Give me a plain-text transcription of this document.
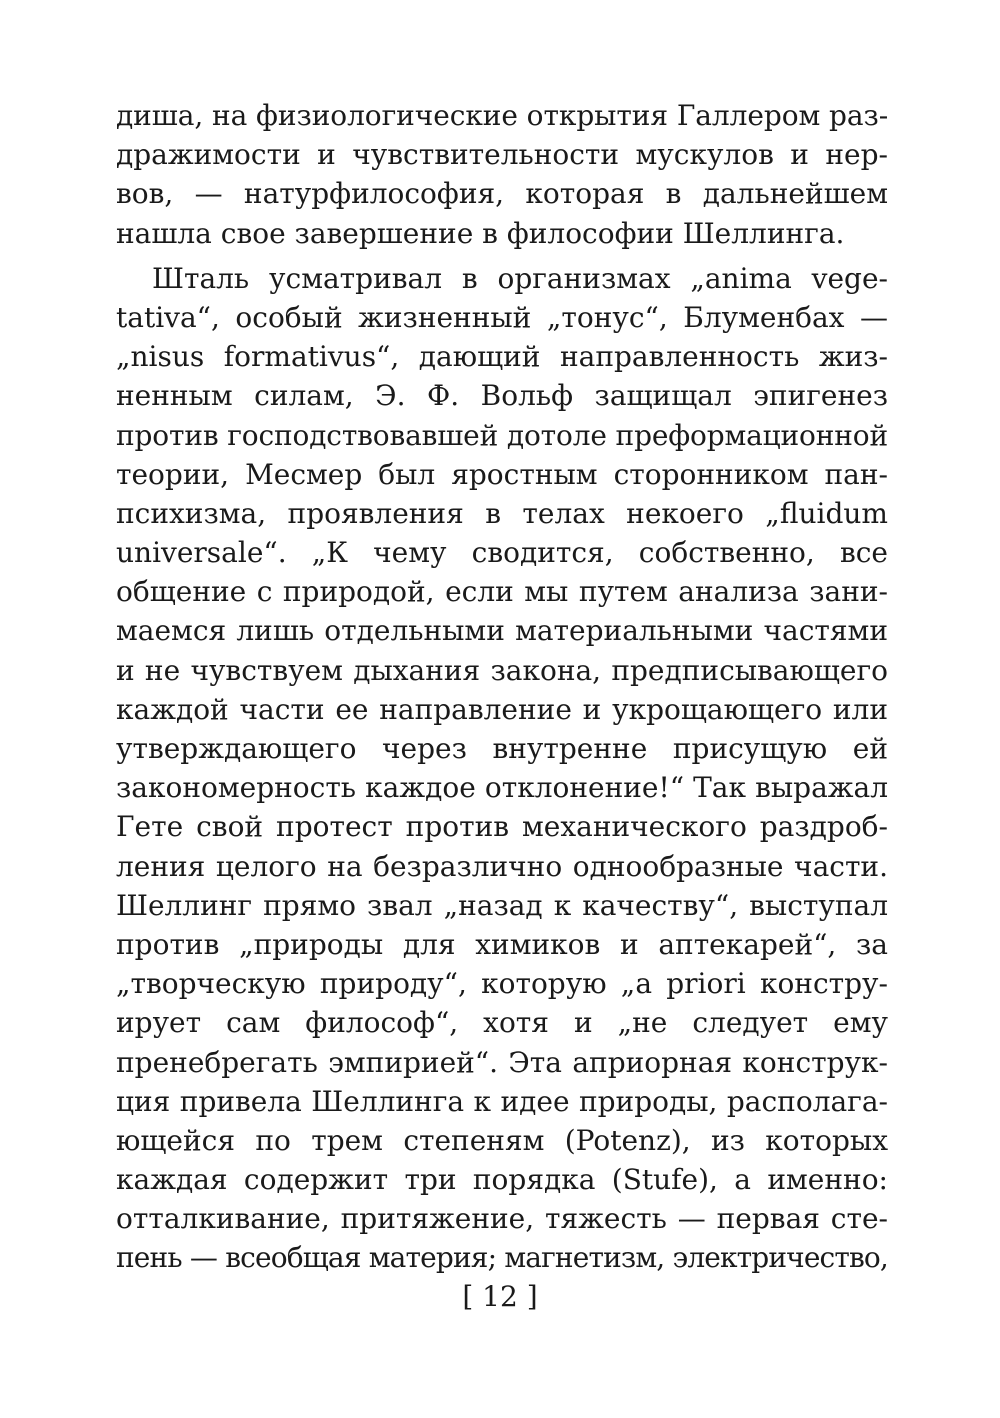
диша, на физиологические открытия Галлером раз-
дражимости и чувствительности мускулов и нер-
вов, — натурфилософия, которая в дальнейшем
нашла свое завершение в философии Шеллинга.
Шталь усматривал в организмах „anima vege-
tativa“, особый жизненный „тонус“, Блуменбах —
„nisus formativus“, дающий направленность жиз-
ненным силам, Э. Ф. Вольф защищал эпигенез
против господствовавшей дотоле преформационной
теории, Месмер был яростным сторонником пан-
психизма, проявления в телах некоего „fluidum
universale“. „К чему сводится, собственно, все
общение с природой, если мы путем анализа зани-
маемся лишь отдельными материальными частями
и не чувствуем дыхания закона, предписывающего
каждой части ее направление и укрощающего или
утверждающего через внутренне присущую ей
закономерность каждое отклонение!“ Так выражал
Гете свой протест против механического раздроб-
ления целого на безразлично однообразные части.
Шеллинг прямо звал „назад к качеству“, выступал
против „природы для химиков и аптекарей“, за
„творческую природу“, которую „a priori констру-
ирует сам философ“, хотя и „не следует ему
пренебрегать эмпирией“. Эта априорная конструк-
ция привела Шеллинга к идее природы, располага-
ющейся по трем степеням (Potenz), из которых
каждая содержит три порядка (Stufe), а именно:
отталкивание, притяжение, тяжесть — первая сте-
пень — всеобщая материя; магнетизм, электричество,
[ 12 ]
